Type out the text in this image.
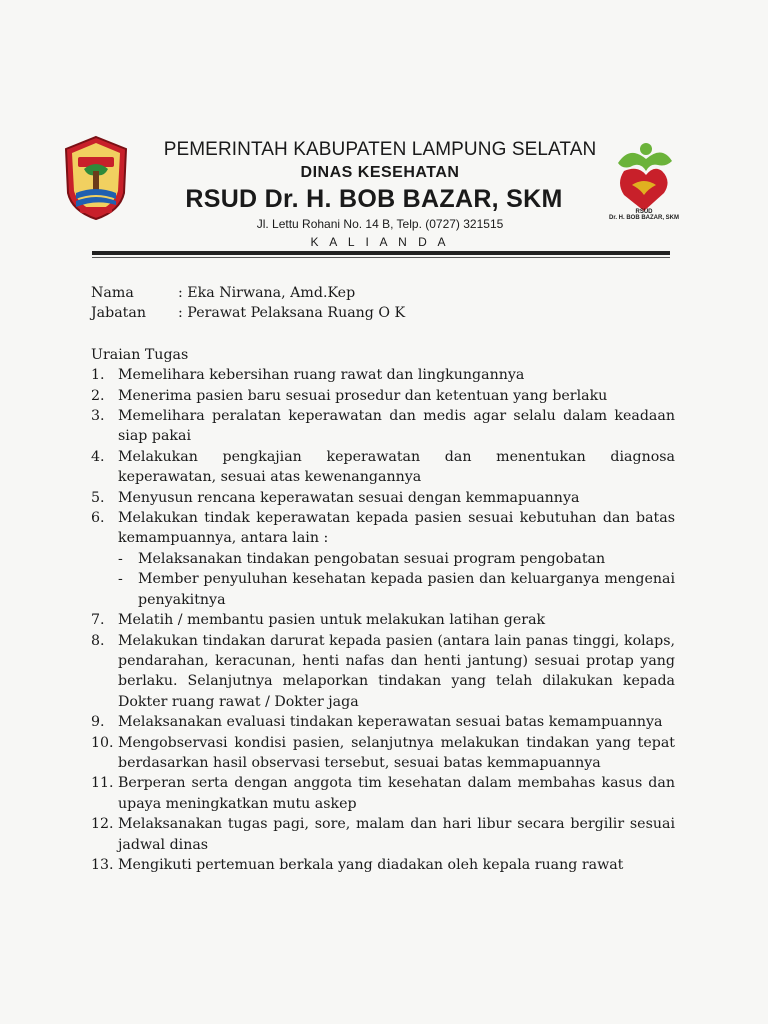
PEMERINTAH KABUPATEN LAMPUNG SELATAN
DINAS KESEHATAN
RSUD Dr. H. BOB BAZAR, SKM
Jl. Lettu Rohani No. 14 B, Telp. (0727) 321515
K A L I A N D A
RSUD
Dr. H. BOB BAZAR, SKM
Nama	: Eka Nirwana, Amd.Kep
Jabatan	: Perawat Pelaksana Ruang O K
Uraian Tugas
1. Memelihara kebersihan ruang rawat dan lingkungannya
2. Menerima pasien baru sesuai prosedur dan ketentuan yang berlaku
3. Memelihara peralatan keperawatan dan medis agar selalu dalam keadaan siap pakai
4. Melakukan pengkajian keperawatan dan menentukan diagnosa keperawatan, sesuai atas kewenangannya
5. Menyusun rencana keperawatan sesuai dengan kemmapuannya
6. Melakukan tindak keperawatan kepada pasien sesuai kebutuhan dan batas kemampuannya, antara lain :
-	Melaksanakan tindakan pengobatan sesuai program pengobatan
-	Member penyuluhan kesehatan kepada pasien dan keluarganya mengenai penyakitnya
7. Melatih / membantu pasien untuk melakukan latihan gerak
8. Melakukan tindakan darurat kepada pasien (antara lain panas tinggi, kolaps, pendarahan, keracunan, henti nafas dan henti jantung) sesuai protap yang berlaku. Selanjutnya melaporkan tindakan yang telah dilakukan kepada Dokter ruang rawat / Dokter jaga
9. Melaksanakan evaluasi tindakan keperawatan sesuai batas kemampuannya
10. Mengobservasi kondisi pasien, selanjutnya melakukan tindakan yang tepat berdasarkan hasil observasi tersebut, sesuai batas kemmapuannya
11. Berperan serta dengan anggota tim kesehatan dalam membahas kasus dan upaya meningkatkan mutu askep
12. Melaksanakan tugas pagi, sore, malam dan hari libur secara bergilir sesuai jadwal dinas
13. Mengikuti pertemuan berkala yang diadakan oleh kepala ruang rawat
